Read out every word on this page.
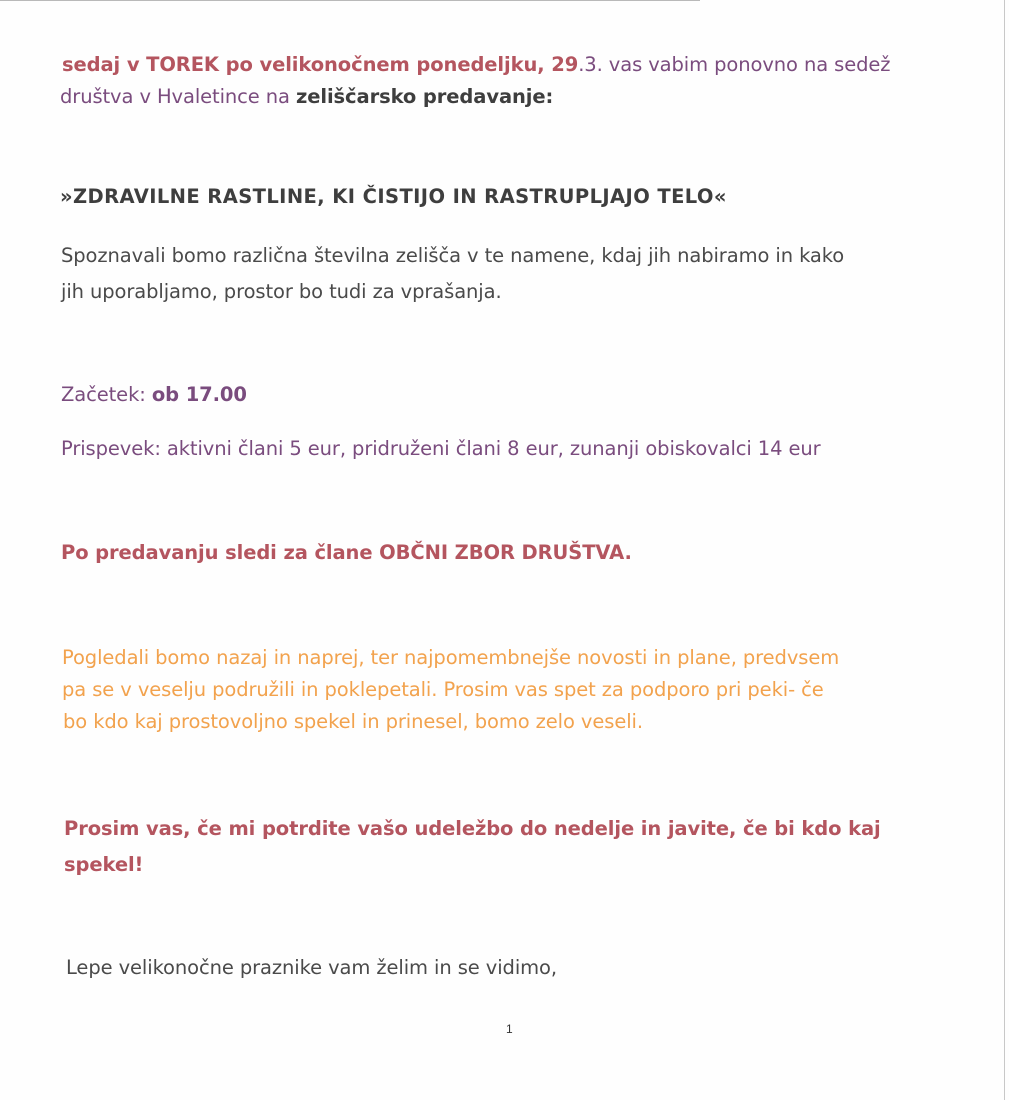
sedaj v TOREK po velikonočnem ponedeljku, 29.3. vas vabim ponovno na sedež
društva v Hvaletince na zeliščarsko predavanje:
»ZDRAVILNE RASTLINE, KI ČISTIJO IN RASTRUPLJAJO TELO«
Spoznavali bomo različna številna zelišča v te namene, kdaj jih nabiramo in kako
jih uporabljamo, prostor bo tudi za vprašanja.
Začetek: ob 17.00
Prispevek: aktivni člani 5 eur, pridruženi člani 8 eur, zunanji obiskovalci 14 eur
Po predavanju sledi za člane OBČNI ZBOR DRUŠTVA.
Pogledali bomo nazaj in naprej, ter najpomembnejše novosti in plane, predvsem
pa se v veselju podružili in poklepetali. Prosim vas spet za podporo pri peki- če
bo kdo kaj prostovoljno spekel in prinesel, bomo zelo veseli.
Prosim vas, če mi potrdite vašo udeležbo do nedelje in javite, če bi kdo kaj
spekel!
Lepe velikonočne praznike vam želim in se vidimo,
1
